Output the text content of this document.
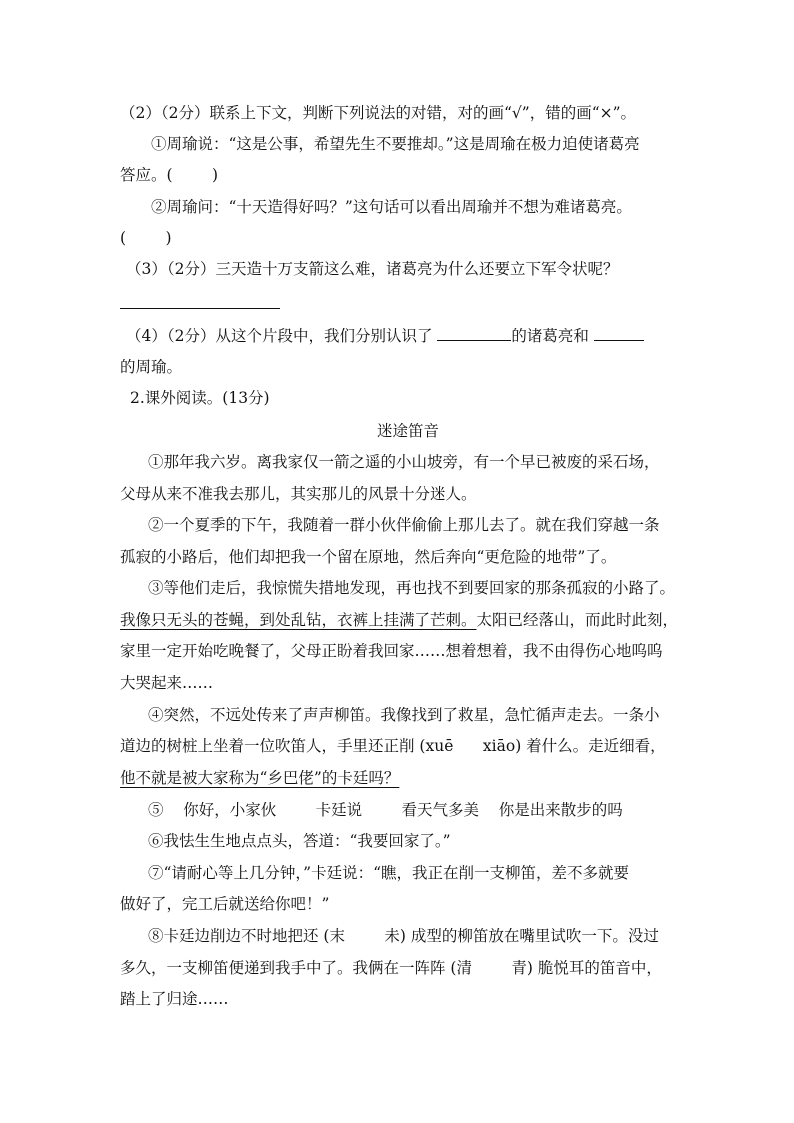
（2）（2分）联系上下文，判断下列说法的对错，对的画“√”，错的画“×”。
①周瑜说：“这是公事，希望先生不要推却。”这是周瑜在极力迫使诸葛亮
答应。(        )
②周瑜问：“十天造得好吗？”这句话可以看出周瑜并不想为难诸葛亮。
(        )
（3）（2分）三天造十万支箭这么难，诸葛亮为什么还要立下军令状呢？
（4）（2分）从这个片段中，我们分别认识了	的诸葛亮和
的周瑜。
2.课外阅读。(13分)
迷途笛音
①那年我六岁。离我家仅一箭之遥的小山坡旁，有一个早已被废的采石场，
父母从来不准我去那儿，其实那儿的风景十分迷人。
②一个夏季的下午，我随着一群小伙伴偷偷上那儿去了。就在我们穿越一条
孤寂的小路后，他们却把我一个留在原地，然后奔向“更危险的地带”了。
③等他们走后，我惊慌失措地发现，再也找不到要回家的那条孤寂的小路了。
我像只无头的苍蝇，到处乱钻，衣裤上挂满了芒刺。太阳已经落山，而此时此刻，
家里一定开始吃晚餐了，父母正盼着我回家……想着想着，我不由得伤心地呜呜
大哭起来……
④突然，不远处传来了声声柳笛。我像找到了救星，急忙循声走去。一条小
道边的树桩上坐着一位吹笛人，手里还正削 (xuē      xiāo) 着什么。走近细看，
他不就是被大家称为“乡巴佬”的卡廷吗？
⑤    你好，小家伙        卡廷说        看天气多美    你是出来散步的吗
⑥我怯生生地点点头，答道：“我要回家了。”
⑦“请耐心等上几分钟，”卡廷说：“瞧，我正在削一支柳笛，差不多就要
做好了，完工后就送给你吧！”
⑧卡廷边削边不时地把还 (末        未) 成型的柳笛放在嘴里试吹一下。没过
多久，一支柳笛便递到我手中了。我俩在一阵阵 (清        青) 脆悦耳的笛音中，
踏上了归途……
